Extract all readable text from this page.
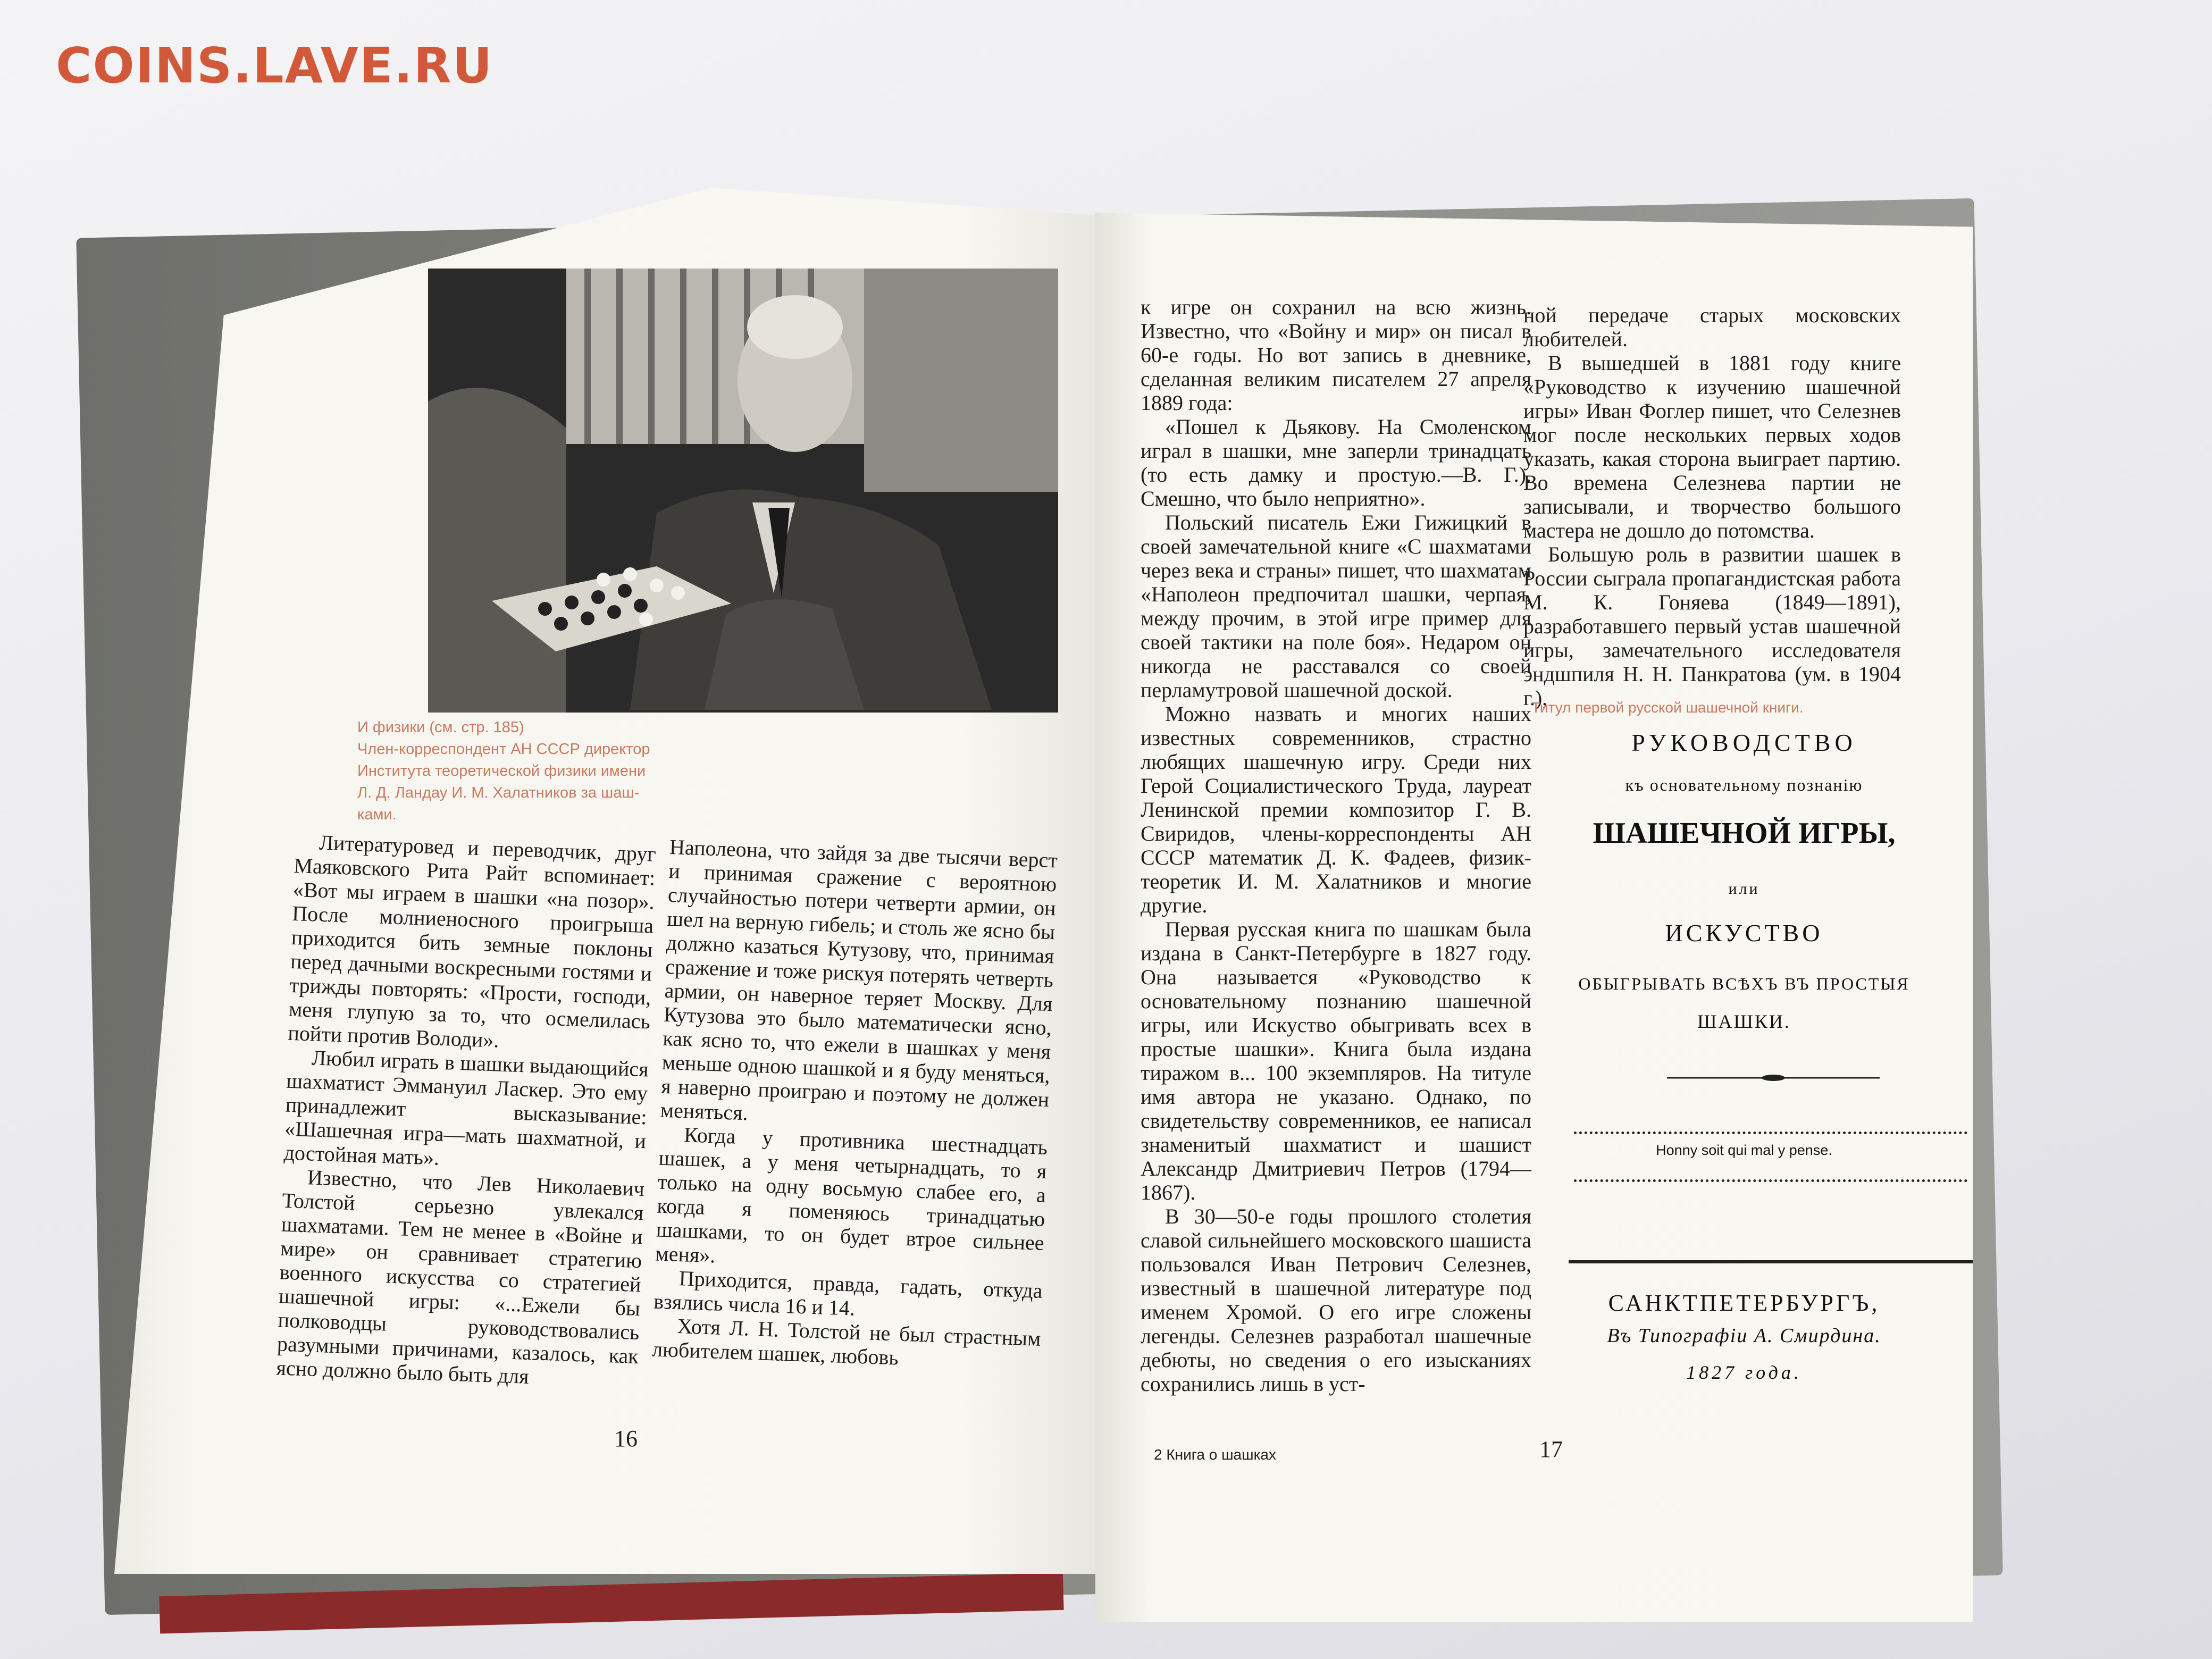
COINS.LAVE.RU
И физики (см. стр. 185)
Член-корреспондент АН СССР директор
Института теоретической физики имени
Л. Д. Ландау И. М. Халатников за шаш-
ками.

Литературовед и переводчик, друг Маяковского Рита Райт вспоминает: «Вот мы играем в шашки «на позор». После молниеносного проигрыша приходится бить земные поклоны перед дачными воскресными гостями и трижды повторять: «Прости, господи, меня глупую за то, что осмелилась пойти против Володи».

Любил играть в шашки выдающийся шахматист Эммануил Ласкер. Это ему принадлежит высказывание: «Шашечная игра—мать шахматной, и достойная мать».

Известно, что Лев Николаевич Толстой серьезно увлекался шахматами. Тем не менее в «Войне и мире» он сравнивает стратегию военного искусства со стратегией шашечной игры: «...Ежели бы полководцы руководствовались разумными причинами, казалось, как ясно должно было быть для

Наполеона, что зайдя за две тысячи верст и принимая сражение с вероятною случайностью потери четверти армии, он шел на верную гибель; и столь же ясно бы должно казаться Кутузову, что, принимая сражение и тоже рискуя потерять четверть армии, он наверное теряет Москву. Для Кутузова это было математически ясно, как ясно то, что ежели в шашках у меня меньше одною шашкой и я буду меняться, я наверно проиграю и поэтому не должен меняться.

Когда у противника шестнадцать шашек, а у меня четырнадцать, то я только на одну восьмую слабее его, а когда я поменяюсь тринадцатью шашками, то он будет втрое сильнее меня».

Приходится, правда, гадать, откуда взялись числа 16 и 14.

Хотя Л. Н. Толстой не был страстным любителем шашек, любовь

16

к игре он сохранил на всю жизнь. Известно, что «Войну и мир» он писал в 60-е годы. Но вот запись в дневнике, сделанная великим писателем 27 апреля 1889 года:

«Пошел к Дьякову. На Смоленском играл в шашки, мне заперли тринадцать (то есть дамку и простую.—В. Г.). Смешно, что было неприятно».

Польский писатель Ежи Гижицкий в своей замечательной книге «С шахматами через века и страны» пишет, что шахматам «Наполеон предпочитал шашки, черпая, между прочим, в этой игре пример для своей тактики на поле боя». Недаром он никогда не расставался со своей перламутровой шашечной доской.

Можно назвать и многих наших известных современников, страстно любящих шашечную игру. Среди них Герой Социалистического Труда, лауреат Ленинской премии композитор Г. В. Свиридов, члены-корреспонденты АН СССР математик Д. К. Фадеев, физик-теоретик И. М. Халатников и многие другие.

Первая русская книга по шашкам была издана в Санкт-Петербурге в 1827 году. Она называется «Руководство к основательному познанию шашечной игры, или Искуство обыгривать всех в простые шашки». Книга была издана тиражом в... 100 экземпляров. На титуле имя автора не указано. Однако, по свидетельству современников, ее написал знаменитый шахматист и шашист Александр Дмитриевич Петров (1794—1867).

В 30—50-е годы прошлого столетия славой сильнейшего московского шашиста пользовался Иван Петрович Селезнев, известный в шашечной литературе под именем Хромой. О его игре сложены легенды. Селезнев разработал шашечные дебюты, но сведения о его изысканиях сохранились лишь в уст-

ной передаче старых московских любителей.

В вышедшей в 1881 году книге «Руководство к изучению шашечной игры» Иван Фоглер пишет, что Селезнев мог после нескольких первых ходов указать, какая сторона выиграет партию. Во времена Селезнева партии не записывали, и творчество большого мастера не дошло до потомства.

Большую роль в развитии шашек в России сыграла пропагандистская работа М. К. Гоняева (1849—1891), разработавшего первый устав шашечной игры, замечательного исследователя эндшпиля Н. Н. Панкратова (ум. в 1904 г.),

Титул первой русской шашечной книги.
РУКОВОДСТВО
къ основательному познанію
ШАШЕЧНОЙ ИГРЫ,
или
ИСКУСТВО
ОБЫГРЫВАТЬ ВСѢХЪ ВЪ ПРОСТЫЯ
ШАШКИ.
Honny soit qui mal y pense.
САНКТПЕТЕРБУРГЪ,
Въ Типографіи А. Смирдина.
1827 года.
2 Книга о шашках	17
